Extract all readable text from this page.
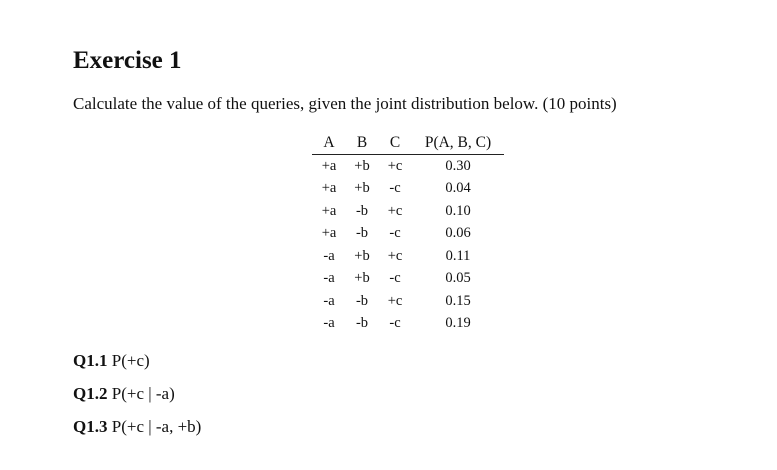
Exercise 1
Calculate the value of the queries, given the joint distribution below. (10 points)
A	B	C	P(A, B, C)
+a	+b	+c	0.30
+a	+b	-c	0.04
+a	-b	+c	0.10
+a	-b	-c	0.06
-a	+b	+c	0.11
-a	+b	-c	0.05
-a	-b	+c	0.15
-a	-b	-c	0.19
Q1.1 P(+c)
Q1.2 P(+c | -a)
Q1.3 P(+c | -a, +b)
